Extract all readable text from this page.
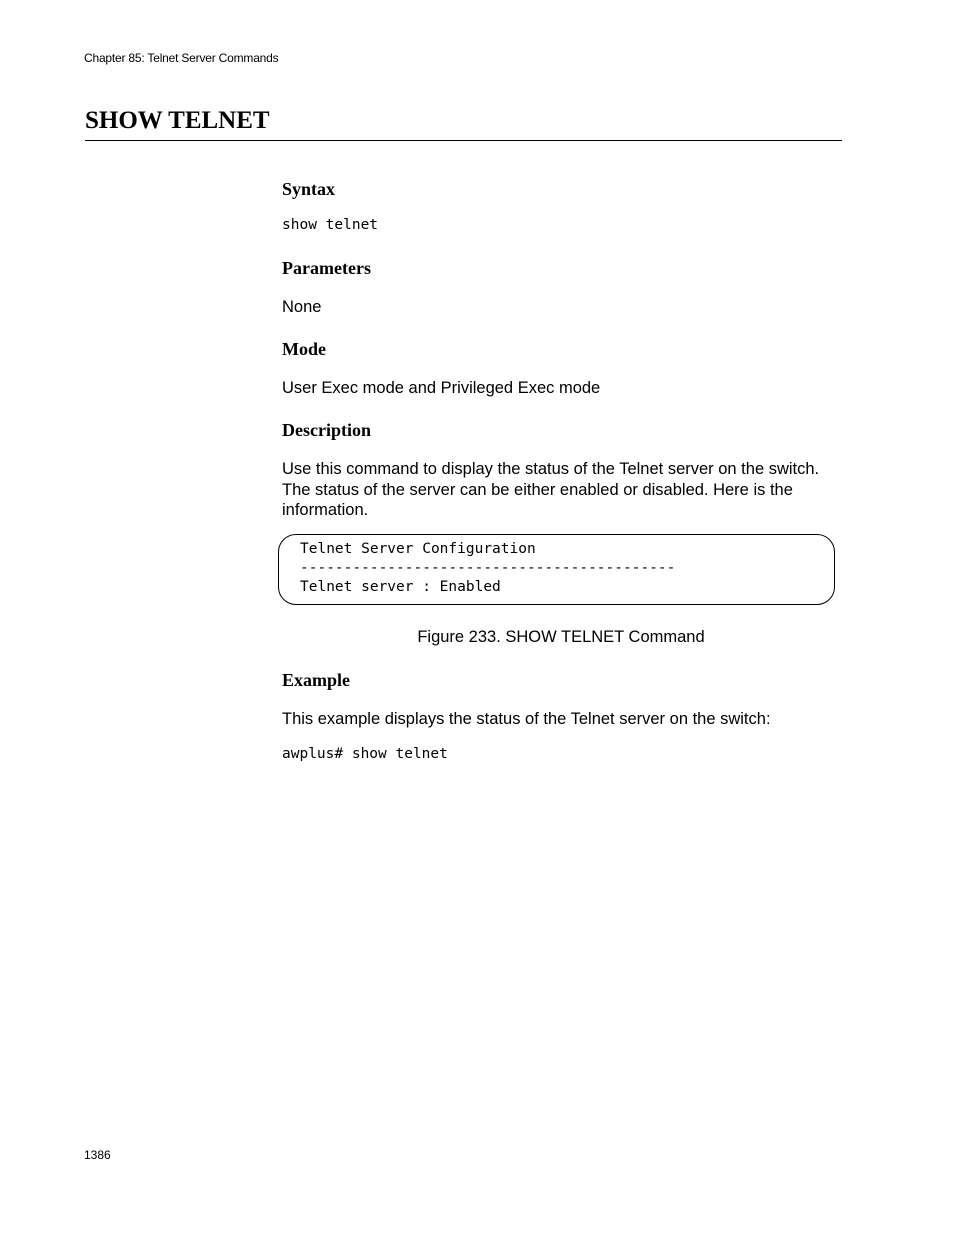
Chapter 85: Telnet Server Commands
SHOW TELNET
Syntax
show telnet
Parameters

None

Mode

User Exec mode and Privileged Exec mode

Description

Use this command to display the status of the Telnet server on the switch. The status of the server can be either enabled or disabled. Here is the information.

Telnet Server Configuration
-------------------------------------------
Telnet server : Enabled
Figure 233. SHOW TELNET Command
Example

This example displays the status of the Telnet server on the switch:

awplus# show telnet
1386
